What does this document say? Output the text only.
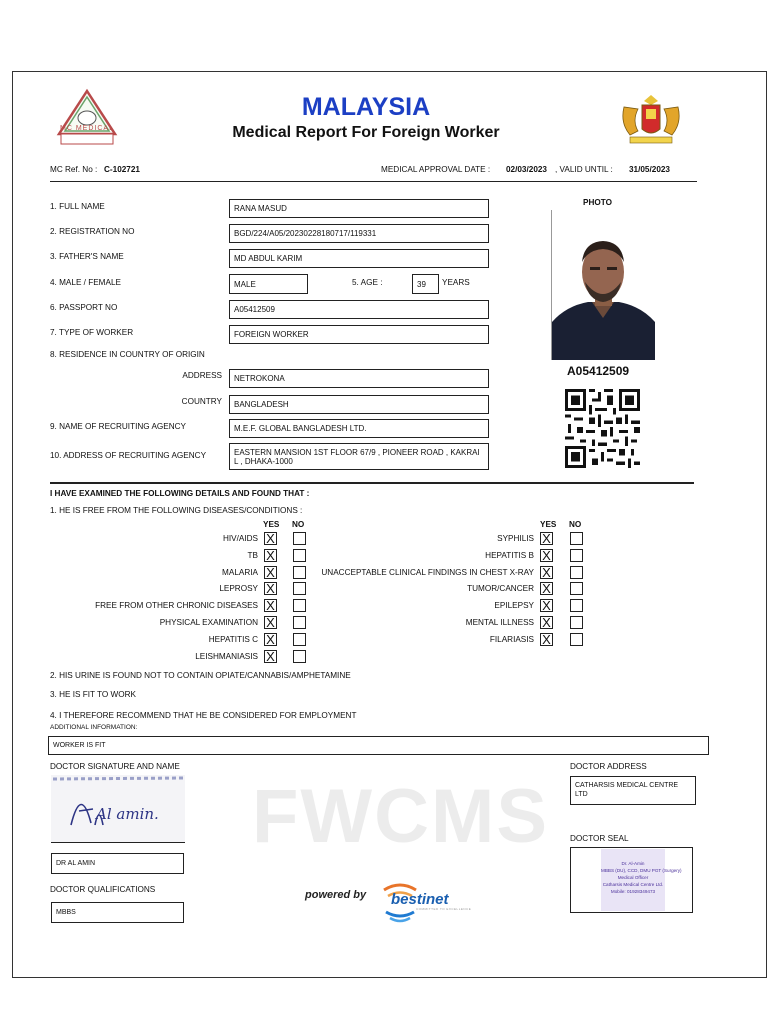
FWCMS
MC MEDICAL
MALAYSIA
Medical Report For Foreign Worker
MC Ref. No : C-102721	MEDICAL APPROVAL DATE : 02/03/2023 , VALID UNTIL : 31/05/2023
1. FULL NAME	RANA MASUD
2. REGISTRATION NO	BGD/224/A05/20230228180717/119331
3. FATHER'S NAME	MD ABDUL KARIM
4. MALE / FEMALE	MALE	5. AGE :	39	YEARS
6. PASSPORT NO	A05412509
7. TYPE OF WORKER	FOREIGN WORKER
8. RESIDENCE IN COUNTRY OF ORIGIN
ADDRESS	NETROKONA
COUNTRY	BANGLADESH
9. NAME OF RECRUITING AGENCY	M.E.F. GLOBAL BANGLADESH LTD.
10. ADDRESS OF RECRUITING AGENCY	EASTERN MANSION 1ST FLOOR 67/9 , PIONEER ROAD , KAKRAI L , DHAKA-1000
PHOTO
A05412509
I HAVE EXAMINED THE FOLLOWING DETAILS AND FOUND THAT :
1. HE IS FREE FROM THE FOLLOWING DISEASES/CONDITIONS :
YES NO	YES NO
HIV/AIDS X
TB X
MALARIA X
LEPROSY X
FREE FROM OTHER CHRONIC DISEASES X
PHYSICAL EXAMINATION X
HEPATITIS C X
LEISHMANIASIS X
SYPHILIS X
HEPATITIS B X
UNACCEPTABLE CLINICAL FINDINGS IN CHEST X-RAY X
TUMOR/CANCER X
EPILEPSY X
MENTAL ILLNESS X
FILARIASIS X
2. HIS URINE IS FOUND NOT TO CONTAIN OPIATE/CANNABIS/AMPHETAMINE
3. HE IS FIT TO WORK
4. I THEREFORE RECOMMEND THAT HE BE CONSIDERED FOR EMPLOYMENT
ADDITIONAL INFORMATION:
WORKER IS FIT
DOCTOR SIGNATURE AND NAME
Al amin.
DR AL AMIN
DOCTOR QUALIFICATIONS
MBBS
DOCTOR ADDRESS
CATHARSIS MEDICAL CENTRE LTD
DOCTOR SEAL
Dr. Al-Amin
MBBS (DU), CCD, DMU PGT (Surgery)
Medical Officer
Catharsis Medical Centre Ltd.
Mobile: 01928349473
powered by bestinet
COMMITTED TO EXCELLENCE
